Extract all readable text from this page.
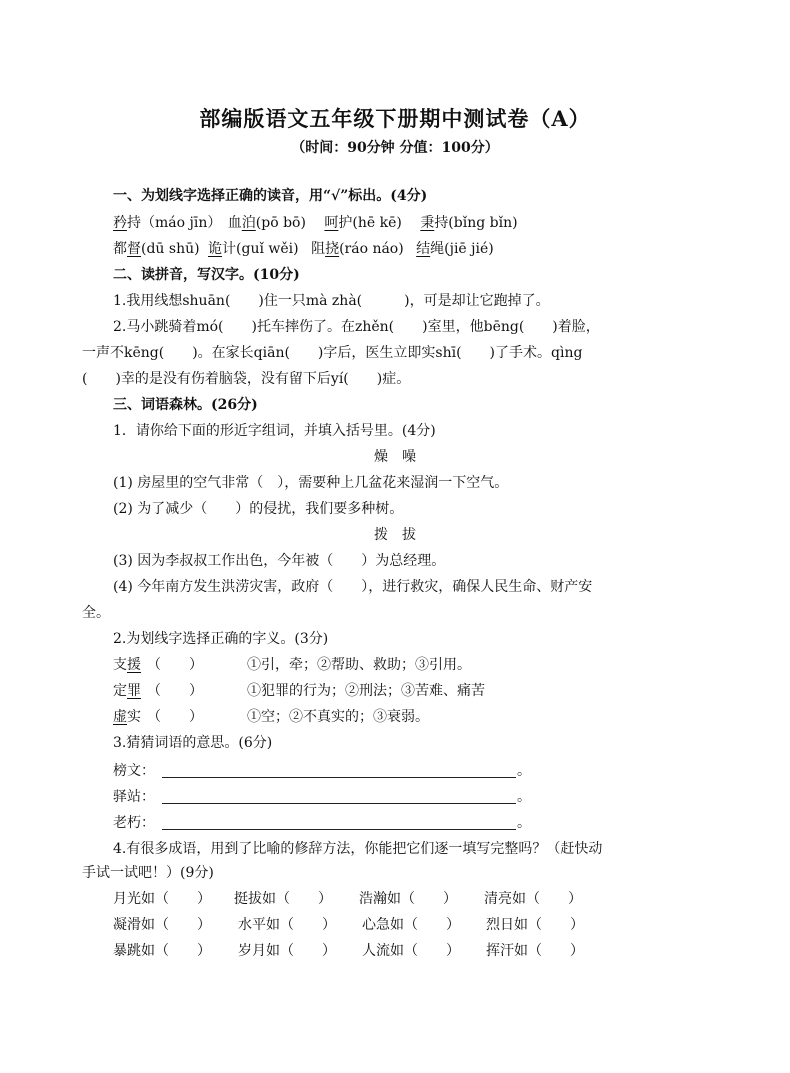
部编版语文五年级下册期中测试卷（A）
（时间：90分钟 分值：100分）
一、为划线字选择正确的读音，用“√”标出。(4分)
矜持（máo jīn） 血泊(pō bō) 呵护(hē kē) 秉持(bǐng bǐn)
都督(dū shū) 诡计(guǐ wěi) 阻挠(ráo náo) 结绳(jiē jié)
二、读拼音，写汉字。(10分)
1.我用线想shuān(　　)住一只mà zhà(　　　)，可是却让它跑掉了。
2.马小跳骑着mó(　　)托车摔伤了。在zhěn(　　)室里，他bēng(　　)着脸，
一声不kēng(　　)。在家长qiān(　　)字后，医生立即实shī(　　)了手术。qìng
(　　)幸的是没有伤着脑袋，没有留下后yí(　　)症。
三、词语森林。(26分)
1．请你给下面的形近字组词，并填入括号里。(4分)
燥　噪
(1) 房屋里的空气非常（　），需要种上几盆花来湿润一下空气。
(2) 为了减少（　　）的侵扰，我们要多种树。
拨　拔
(3) 因为李叔叔工作出色，今年被（　　）为总经理。
(4) 今年南方发生洪涝灾害，政府（　　），进行救灾，确保人民生命、财产安
全。
2.为划线字选择正确的字义。(3分)
支援 （　　）	①引，牵；②帮助、救助；③引用。
定罪 （　　）	①犯罪的行为；②刑法；③苦难、痛苦
虚实 （　　）	①空；②不真实的；③衰弱。
3.猜猜词语的意思。(6分)
榜文：	。
驿站：	。
老朽：	。
4.有很多成语，用到了比喻的修辞方法，你能把它们逐一填写完整吗？（赶快动
手试一试吧！）(9分)
月光如（　　） 挺拔如（　　） 浩瀚如（　　） 清亮如（　　）
凝滑如（　　） 水平如（　　） 心急如（　　） 烈日如（　　）
暴跳如（　　） 岁月如（　　） 人流如（　　） 挥汗如（　　）
